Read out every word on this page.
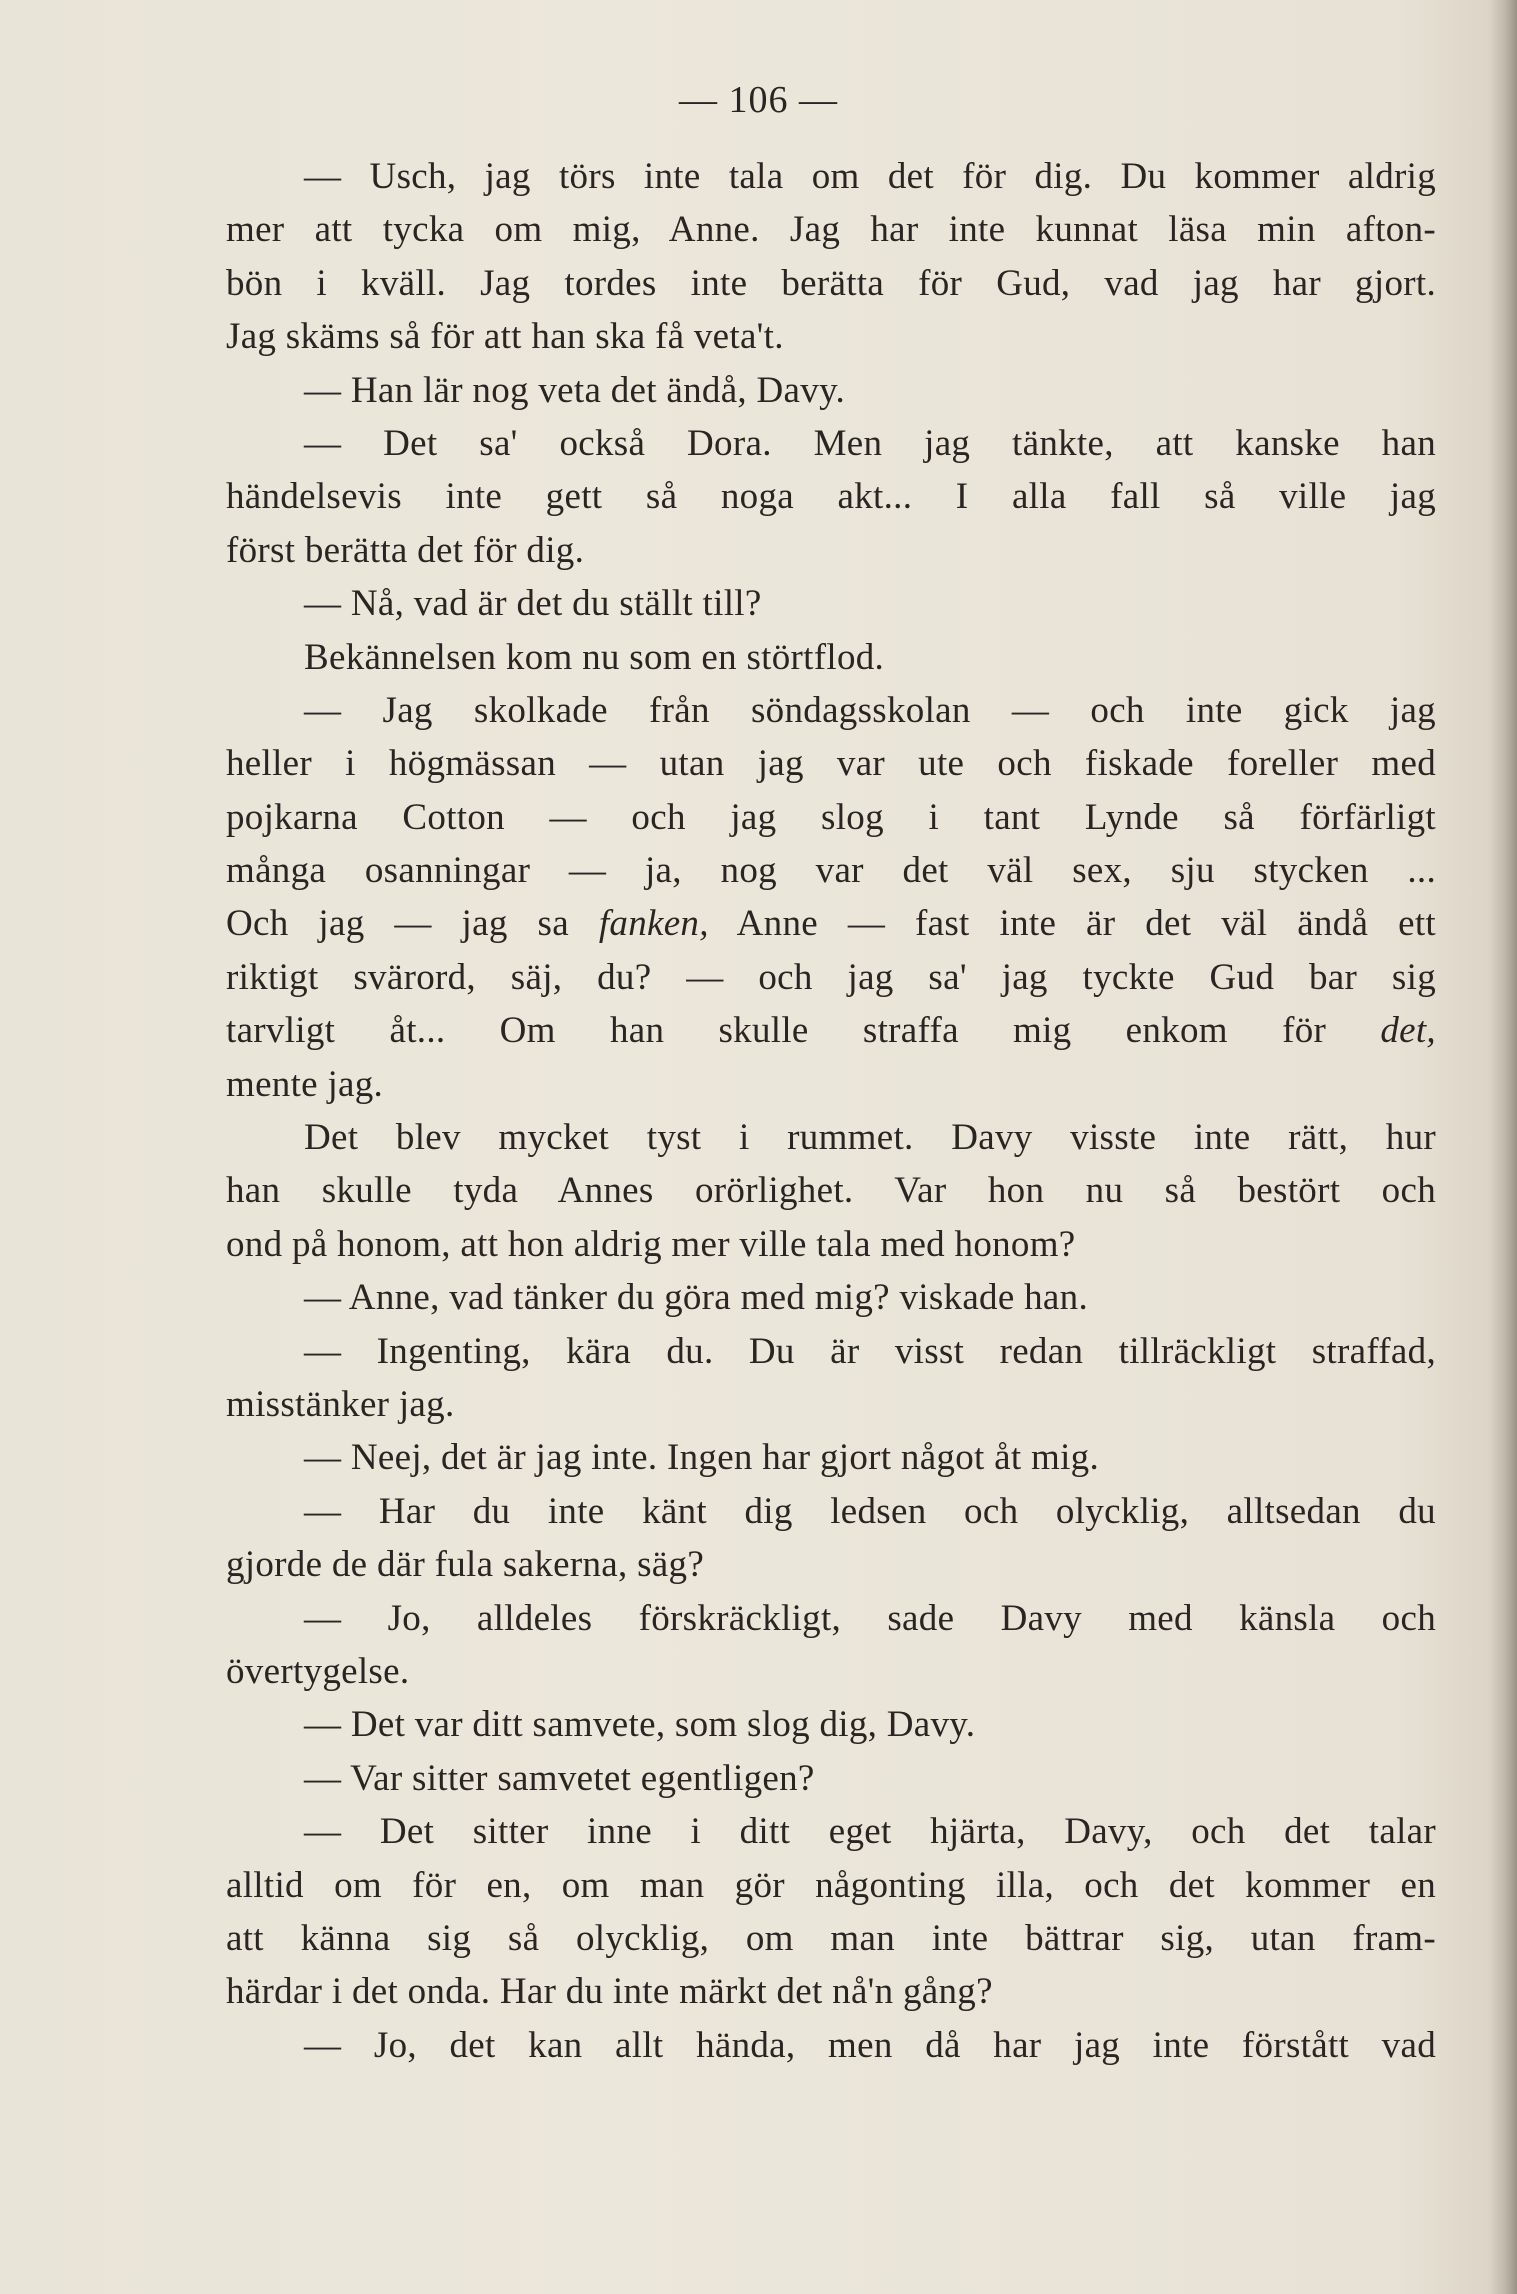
— 106 —
— Usch, jag törs inte tala om det för dig. Du kommer aldrig
mer att tycka om mig, Anne. Jag har inte kunnat läsa min afton-
bön i kväll. Jag tordes inte berätta för Gud, vad jag har gjort.
Jag skäms så för att han ska få veta't.
— Han lär nog veta det ändå, Davy.
— Det sa' också Dora. Men jag tänkte, att kanske han
händelsevis inte gett så noga akt... I alla fall så ville jag
först berätta det för dig.
— Nå, vad är det du ställt till?
Bekännelsen kom nu som en störtflod.
— Jag skolkade från söndagsskolan — och inte gick jag
heller i högmässan — utan jag var ute och fiskade foreller med
pojkarna Cotton — och jag slog i tant Lynde så förfärligt
många osanningar — ja, nog var det väl sex, sju stycken ...
Och jag — jag sa fanken, Anne — fast inte är det väl ändå ett
riktigt svärord, säj, du? — och jag sa' jag tyckte Gud bar sig
tarvligt åt... Om han skulle straffa mig enkom för det,
mente jag.
Det blev mycket tyst i rummet. Davy visste inte rätt, hur
han skulle tyda Annes orörlighet. Var hon nu så bestört och
ond på honom, att hon aldrig mer ville tala med honom?
— Anne, vad tänker du göra med mig? viskade han.
— Ingenting, kära du. Du är visst redan tillräckligt straffad,
misstänker jag.
— Neej, det är jag inte. Ingen har gjort något åt mig.
— Har du inte känt dig ledsen och olycklig, alltsedan du
gjorde de där fula sakerna, säg?
— Jo, alldeles förskräckligt, sade Davy med känsla och
övertygelse.
— Det var ditt samvete, som slog dig, Davy.
— Var sitter samvetet egentligen?
— Det sitter inne i ditt eget hjärta, Davy, och det talar
alltid om för en, om man gör någonting illa, och det kommer en
att känna sig så olycklig, om man inte bättrar sig, utan fram-
härdar i det onda. Har du inte märkt det nå'n gång?
— Jo, det kan allt hända, men då har jag inte förstått vad
